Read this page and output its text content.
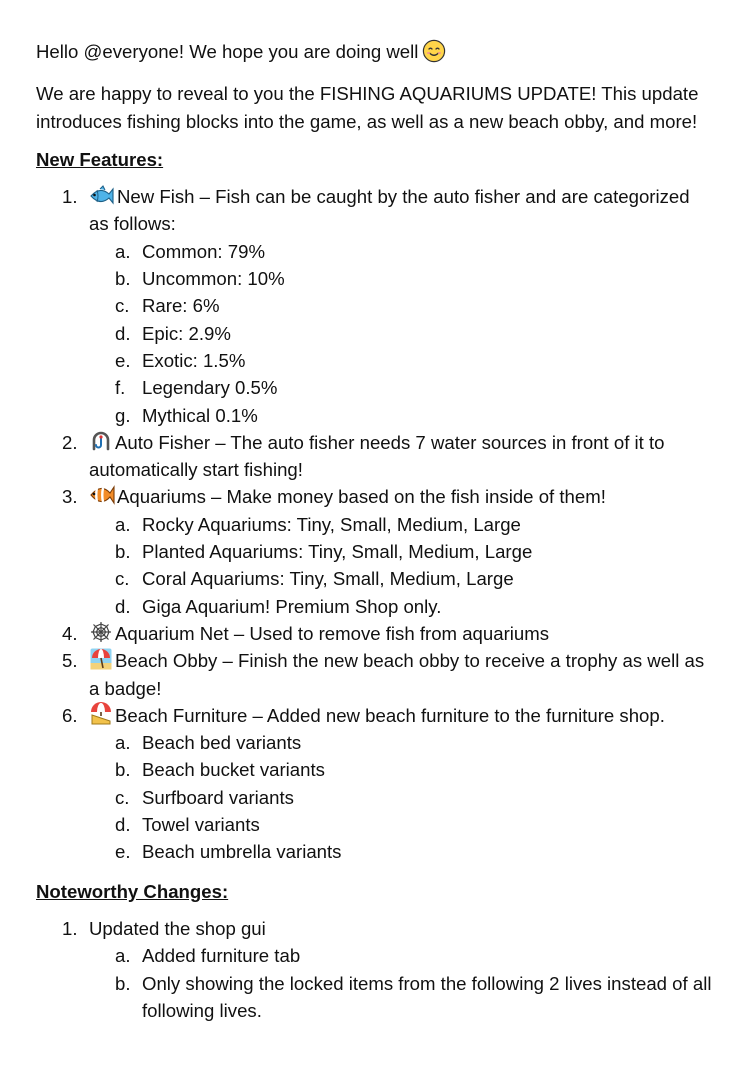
Hello @everyone! We hope you are doing well

We are happy to reveal to you the FISHING AQUARIUMS UPDATE! This update introduces fishing blocks into the game, as well as a new beach obby, and more!

New Features:
1. New Fish – Fish can be caught by the auto fisher and are categorized as follows:
a. Common: 79%
b. Uncommon: 10%
c. Rare: 6%
d. Epic: 2.9%
e. Exotic: 1.5%
f. Legendary 0.5%
g. Mythical 0.1%
2. Auto Fisher – The auto fisher needs 7 water sources in front of it to automatically start fishing!
3. Aquariums – Make money based on the fish inside of them!
a. Rocky Aquariums: Tiny, Small, Medium, Large
b. Planted Aquariums: Tiny, Small, Medium, Large
c. Coral Aquariums: Tiny, Small, Medium, Large
d. Giga Aquarium! Premium Shop only.
4. Aquarium Net – Used to remove fish from aquariums
5. Beach Obby – Finish the new beach obby to receive a trophy as well as a badge!
6. Beach Furniture – Added new beach furniture to the furniture shop.
a. Beach bed variants
b. Beach bucket variants
c. Surfboard variants
d. Towel variants
e. Beach umbrella variants
Noteworthy Changes:
1. Updated the shop gui
a. Added furniture tab
b. Only showing the locked items from the following 2 lives instead of all following lives.
